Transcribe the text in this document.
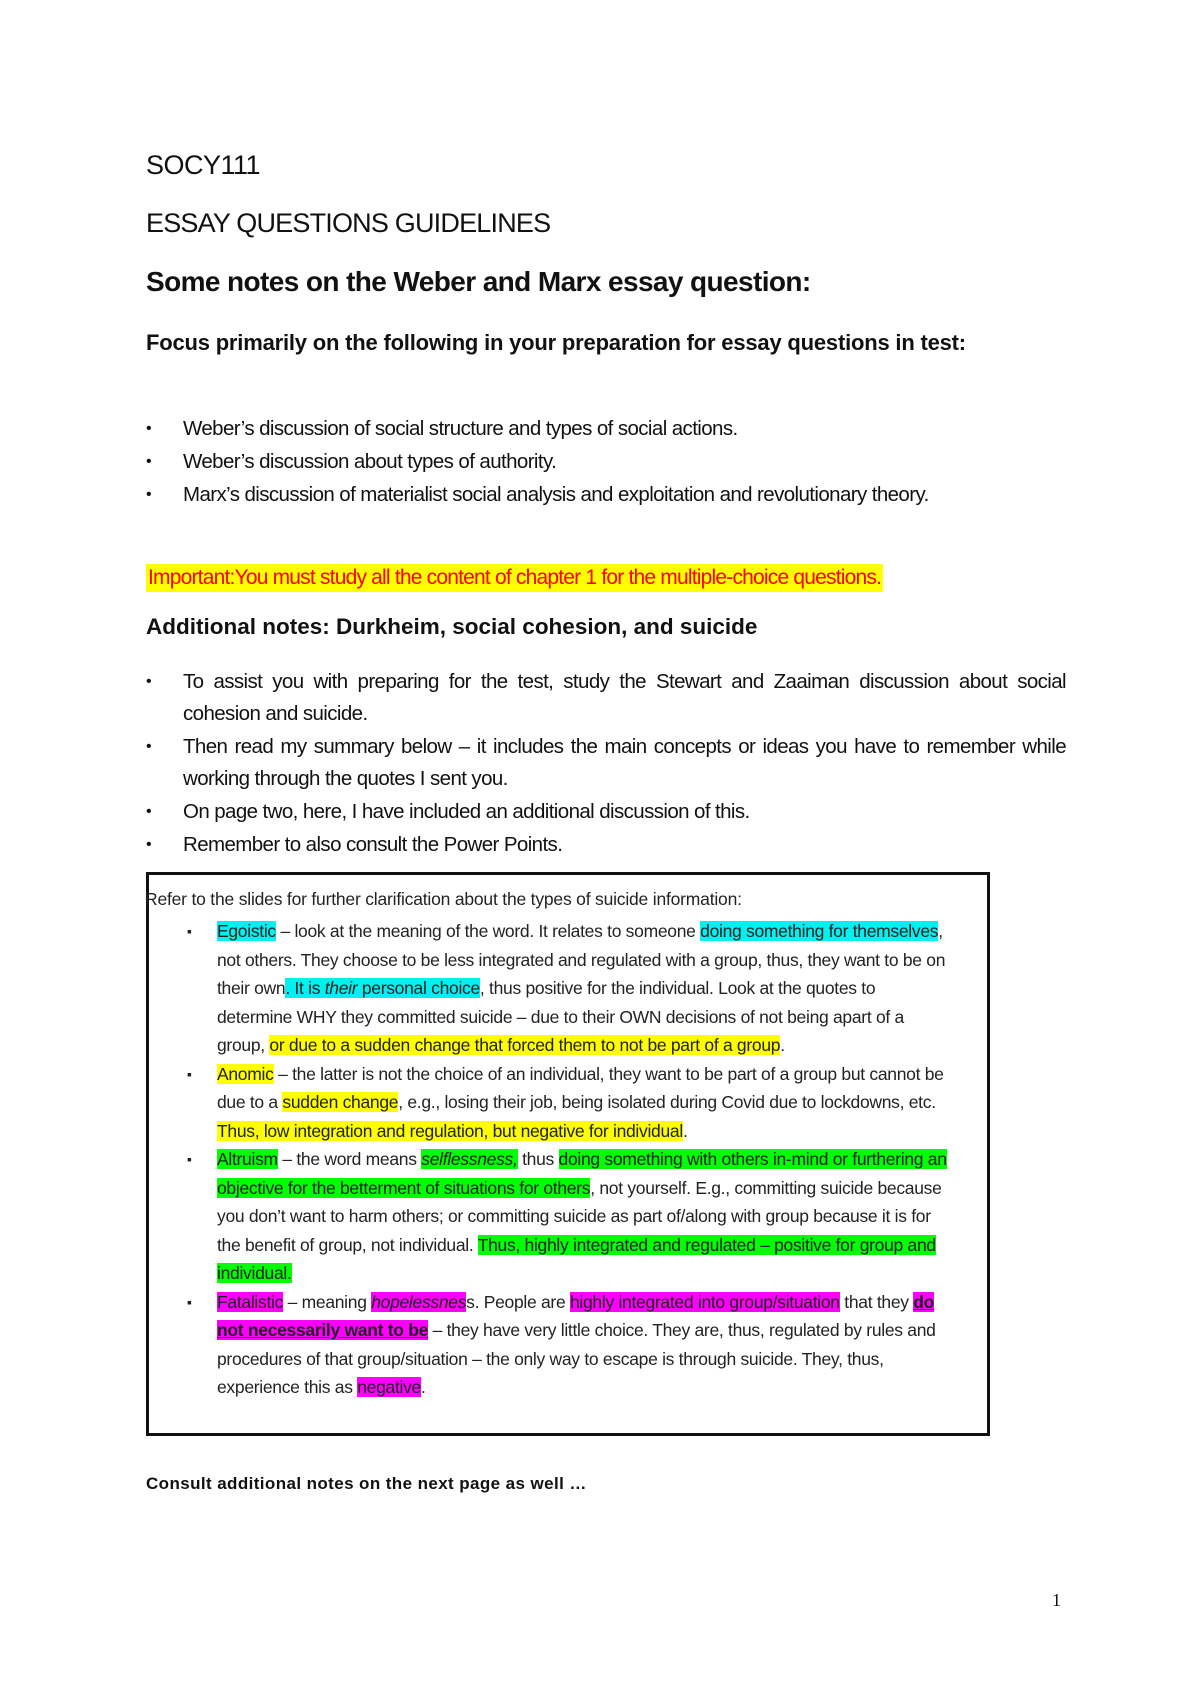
SOCY111
ESSAY QUESTIONS GUIDELINES
Some notes on the Weber and Marx essay question:
Focus primarily on the following in your preparation for essay questions in test:
• Weber’s discussion of social structure and types of social actions.
• Weber’s discussion about types of authority.
• Marx’s discussion of materialist social analysis and exploitation and revolutionary theory.
Important:You must study all the content of chapter 1 for the multiple-choice questions.
Additional notes: Durkheim, social cohesion, and suicide
• To assist you with preparing for the test, study the Stewart and Zaaiman discussion about social cohesion and suicide.
• Then read my summary below – it includes the main concepts or ideas you have to remember while working through the quotes I sent you.
• On page two, here, I have included an additional discussion of this.
• Remember to also consult the Power Points.
Refer to the slides for further clarification about the types of suicide information:
▪ Egoistic – look at the meaning of the word. It relates to someone doing something for themselves, not others. They choose to be less integrated and regulated with a group, thus, they want to be on their own. It is their personal choice, thus positive for the individual. Look at the quotes to determine WHY they committed suicide – due to their OWN decisions of not being apart of a group, or due to a sudden change that forced them to not be part of a group.
▪ Anomic – the latter is not the choice of an individual, they want to be part of a group but cannot be due to a sudden change, e.g., losing their job, being isolated during Covid due to lockdowns, etc. Thus, low integration and regulation, but negative for individual.
▪ Altruism – the word means selflessness, thus doing something with others in-mind or furthering an objective for the betterment of situations for others, not yourself. E.g., committing suicide because you don’t want to harm others; or committing suicide as part of/along with group because it is for the benefit of group, not individual. Thus, highly integrated and regulated – positive for group and individual.
▪ Fatalistic – meaning hopelessness. People are highly integrated into group/situation that they do not necessarily want to be – they have very little choice. They are, thus, regulated by rules and procedures of that group/situation – the only way to escape is through suicide. They, thus, experience this as negative.
Consult additional notes on the next page as well …
1
